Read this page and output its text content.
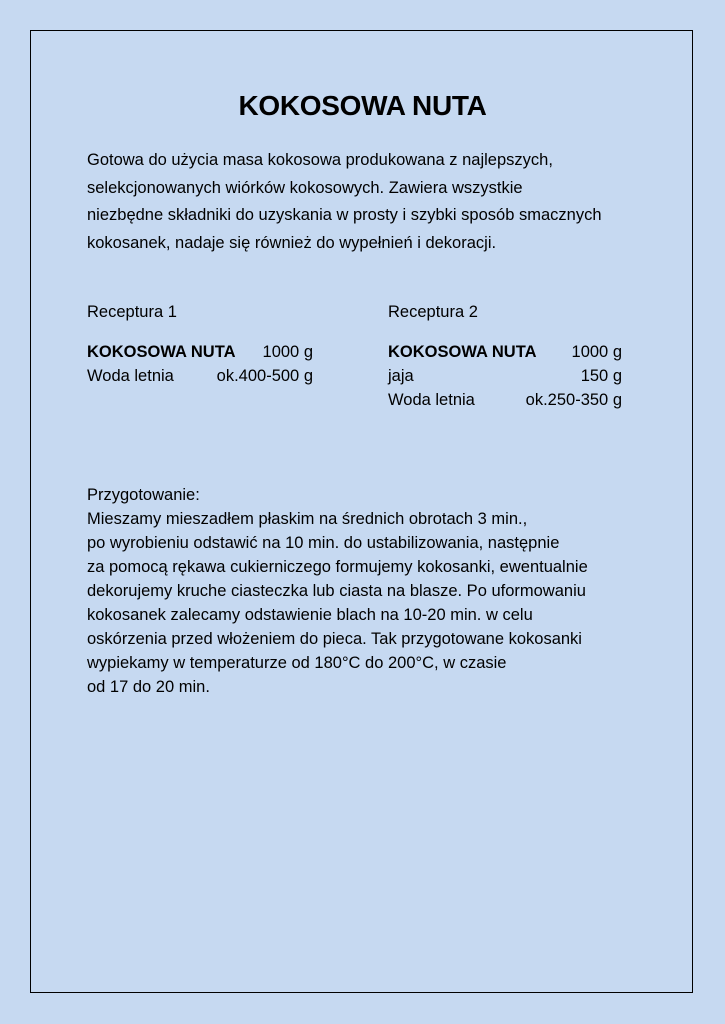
KOKOSOWA NUTA

Gotowa do użycia masa kokosowa produkowana z najlepszych,

selekcjonowanych wiórków kokosowych. Zawiera wszystkie

niezbędne składniki do uzyskania w prosty i szybki sposób smacznych

kokosanek, nadaje się również do wypełnień i dekoracji.

Receptura 1
KOKOSOWA NUTA 1000 g
Woda letnia	ok.400-500 g
Receptura 2
KOKOSOWA NUTA 1000 g
jaja	150 g
Woda letnia	ok.250-350 g
Przygotowanie:
Mieszamy mieszadłem płaskim na średnich obrotach 3 min.,
po wyrobieniu odstawić na 10 min. do ustabilizowania, następnie
za pomocą rękawa cukierniczego formujemy kokosanki, ewentualnie
dekorujemy kruche ciasteczka lub ciasta na blasze. Po uformowaniu
kokosanek zalecamy odstawienie blach na 10-20 min. w celu
oskórzenia przed włożeniem do pieca. Tak przygotowane kokosanki
wypiekamy w temperaturze od 180°C do 200°C, w czasie
od 17 do 20 min.
